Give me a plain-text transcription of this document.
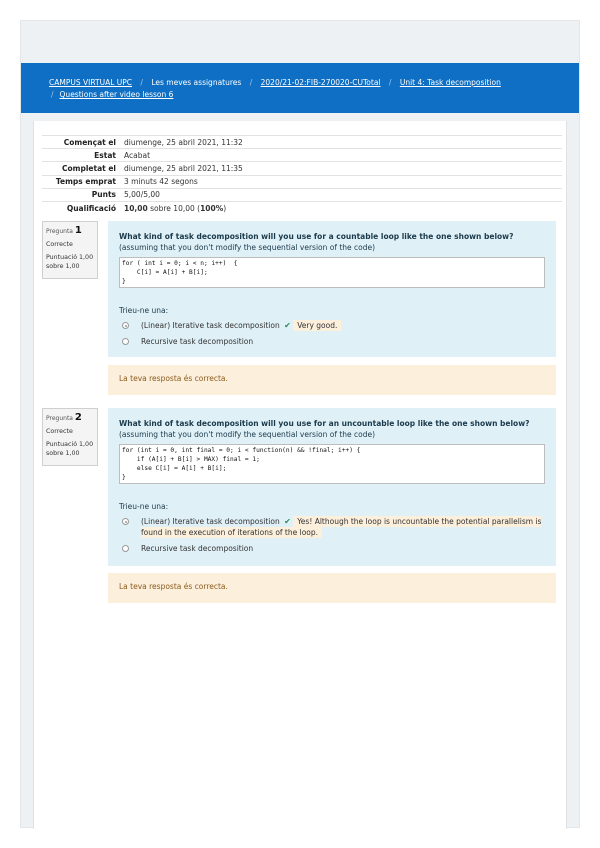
CAMPUS VIRTUAL UPC / Les meves assignatures / 2020/21-02:FIB-270020-CUTotal / Unit 4: Task decomposition
/ Questions after video lesson 6
Començat el	diumenge, 25 abril 2021, 11:32
Estat	Acabat
Completat el	diumenge, 25 abril 2021, 11:35
Temps emprat	3 minuts 42 segons
Punts	5,00/5,00
Qualificació	10,00 sobre 10,00 (100%)
Pregunta 1
Correcte
Puntuació 1,00 sobre 1,00
What kind of task decomposition will you use for a countable loop like the one shown below? (assuming that you don't modify the sequential version of the code)
for ( int i = 0; i < n; i++)  {
C[i] = A[i] + B[i];
}
Trieu-ne una:
(Linear) Iterative task decomposition ✔ Very good.
Recursive task decomposition
La teva resposta és correcta.
Pregunta 2
Correcte
Puntuació 1,00 sobre 1,00
What kind of task decomposition will you use for an uncountable loop like the one shown below? (assuming that you don't modify the sequential version of the code)
for (int i = 0, int final = 0; i < function(n) && !final; i++) {
if (A[i] + B[i] > MAX) final = 1;
else C[i] = A[i] + B[i];
}
Trieu-ne una:
(Linear) Iterative task decomposition ✔ Yes! Although the loop is uncountable the potential parallelism is found in the execution of iterations of the loop.
Recursive task decomposition
La teva resposta és correcta.
